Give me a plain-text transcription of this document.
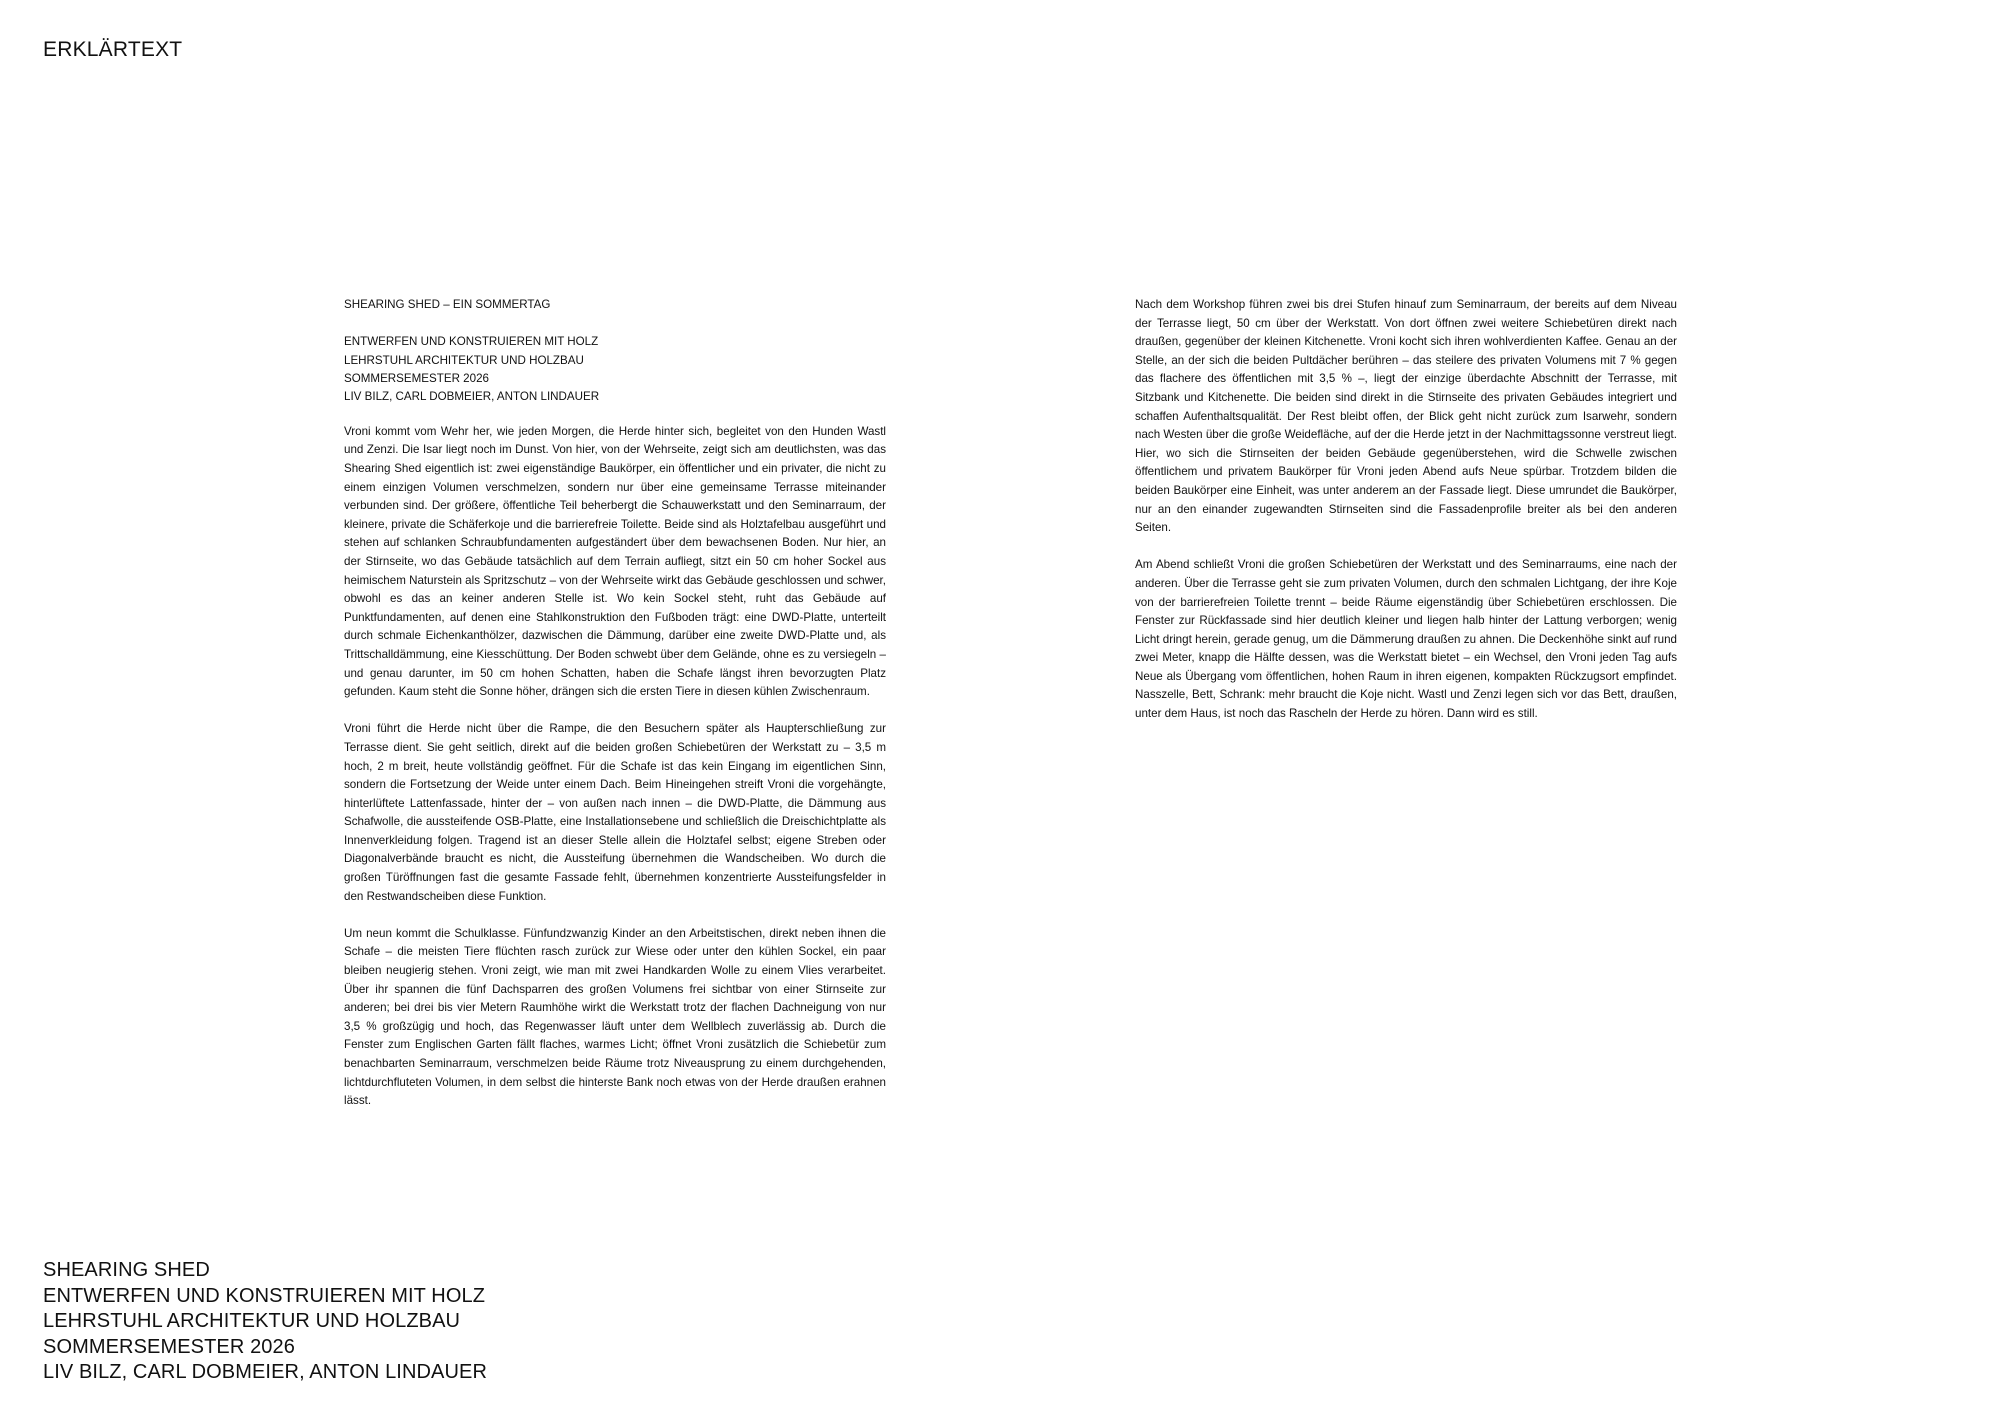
ERKLÄRTEXT
SHEARING SHED – EIN SOMMERTAG
ENTWERFEN UND KONSTRUIEREN MIT HOLZ
LEHRSTUHL ARCHITEKTUR UND HOLZBAU
SOMMERSEMESTER 2026
LIV BILZ, CARL DOBMEIER, ANTON LINDAUER

Vroni kommt vom Wehr her, wie jeden Morgen, die Herde hinter sich, begleitet von den Hunden Wastl und Zenzi. Die Isar liegt noch im Dunst. Von hier, von der Wehrseite, zeigt sich am deutlichsten, was das Shearing Shed eigentlich ist: zwei eigenständige Baukörper, ein öffentlicher und ein privater, die nicht zu einem einzigen Volumen verschmelzen, sondern nur über eine gemeinsame Terrasse miteinander verbunden sind. Der größere, öffentliche Teil beherbergt die Schauwerkstatt und den Seminarraum, der kleinere, private die Schäferkoje und die barrierefreie Toilette. Beide sind als Holztafelbau ausgeführt und stehen auf schlanken Schraubfundamenten aufgeständert über dem bewachsenen Boden. Nur hier, an der Stirnseite, wo das Gebäude tatsächlich auf dem Terrain aufliegt, sitzt ein 50 cm hoher Sockel aus heimischem Naturstein als Spritzschutz – von der Wehrseite wirkt das Gebäude geschlossen und schwer, obwohl es das an keiner anderen Stelle ist. Wo kein Sockel steht, ruht das Gebäude auf Punktfundamenten, auf denen eine Stahlkonstruktion den Fußboden trägt: eine DWD-Platte, unterteilt durch schmale Eichenkanthölzer, dazwischen die Dämmung, darüber eine zweite DWD-Platte und, als Trittschalldämmung, eine Kiesschüttung. Der Boden schwebt über dem Gelände, ohne es zu versiegeln – und genau darunter, im 50 cm hohen Schatten, haben die Schafe längst ihren bevorzugten Platz gefunden. Kaum steht die Sonne höher, drängen sich die ersten Tiere in diesen kühlen Zwischenraum.

Vroni führt die Herde nicht über die Rampe, die den Besuchern später als Haupterschließung zur Terrasse dient. Sie geht seitlich, direkt auf die beiden großen Schiebetüren der Werkstatt zu – 3,5 m hoch, 2 m breit, heute vollständig geöffnet. Für die Schafe ist das kein Eingang im eigentlichen Sinn, sondern die Fortsetzung der Weide unter einem Dach. Beim Hineingehen streift Vroni die vorgehängte, hinterlüftete Lattenfassade, hinter der – von außen nach innen – die DWD-Platte, die Dämmung aus Schafwolle, die aussteifende OSB-Platte, eine Installationsebene und schließlich die Dreischichtplatte als Innenverkleidung folgen. Tragend ist an dieser Stelle allein die Holztafel selbst; eigene Streben oder Diagonalverbände braucht es nicht, die Aussteifung übernehmen die Wandscheiben. Wo durch die großen Türöffnungen fast die gesamte Fassade fehlt, übernehmen konzentrierte Aussteifungsfelder in den Restwandscheiben diese Funktion.

Um neun kommt die Schulklasse. Fünfundzwanzig Kinder an den Arbeitstischen, direkt neben ihnen die Schafe – die meisten Tiere flüchten rasch zurück zur Wiese oder unter den kühlen Sockel, ein paar bleiben neugierig stehen. Vroni zeigt, wie man mit zwei Handkarden Wolle zu einem Vlies verarbeitet. Über ihr spannen die fünf Dachsparren des großen Volumens frei sichtbar von einer Stirnseite zur anderen; bei drei bis vier Metern Raumhöhe wirkt die Werkstatt trotz der flachen Dachneigung von nur 3,5 % großzügig und hoch, das Regenwasser läuft unter dem Wellblech zuverlässig ab. Durch die Fenster zum Englischen Garten fällt flaches, warmes Licht; öffnet Vroni zusätzlich die Schiebetür zum benachbarten Seminarraum, verschmelzen beide Räume trotz Niveausprung zu einem durchgehenden, lichtdurchfluteten Volumen, in dem selbst die hinterste Bank noch etwas von der Herde draußen erahnen lässt.

Nach dem Workshop führen zwei bis drei Stufen hinauf zum Seminarraum, der bereits auf dem Niveau der Terrasse liegt, 50 cm über der Werkstatt. Von dort öffnen zwei weitere Schiebetüren direkt nach draußen, gegenüber der kleinen Kitchenette. Vroni kocht sich ihren wohlverdienten Kaffee. Genau an der Stelle, an der sich die beiden Pultdächer berühren – das steilere des privaten Volumens mit 7 % gegen das flachere des öffentlichen mit 3,5 % –, liegt der einzige überdachte Abschnitt der Terrasse, mit Sitzbank und Kitchenette. Die beiden sind direkt in die Stirnseite des privaten Gebäudes integriert und schaffen Aufenthaltsqualität. Der Rest bleibt offen, der Blick geht nicht zurück zum Isarwehr, sondern nach Westen über die große Weidefläche, auf der die Herde jetzt in der Nachmittagssonne verstreut liegt. Hier, wo sich die Stirnseiten der beiden Gebäude gegenüberstehen, wird die Schwelle zwischen öffentlichem und privatem Baukörper für Vroni jeden Abend aufs Neue spürbar. Trotzdem bilden die beiden Baukörper eine Einheit, was unter anderem an der Fassade liegt. Diese umrundet die Baukörper, nur an den einander zugewandten Stirnseiten sind die Fassadenprofile breiter als bei den anderen Seiten.

Am Abend schließt Vroni die großen Schiebetüren der Werkstatt und des Seminarraums, eine nach der anderen. Über die Terrasse geht sie zum privaten Volumen, durch den schmalen Lichtgang, der ihre Koje von der barrierefreien Toilette trennt – beide Räume eigenständig über Schiebetüren erschlossen. Die Fenster zur Rückfassade sind hier deutlich kleiner und liegen halb hinter der Lattung verborgen; wenig Licht dringt herein, gerade genug, um die Dämmerung draußen zu ahnen. Die Deckenhöhe sinkt auf rund zwei Meter, knapp die Hälfte dessen, was die Werkstatt bietet – ein Wechsel, den Vroni jeden Tag aufs Neue als Übergang vom öffentlichen, hohen Raum in ihren eigenen, kompakten Rückzugsort empfindet. Nasszelle, Bett, Schrank: mehr braucht die Koje nicht. Wastl und Zenzi legen sich vor das Bett, draußen, unter dem Haus, ist noch das Rascheln der Herde zu hören. Dann wird es still.

SHEARING SHED
ENTWERFEN UND KONSTRUIEREN MIT HOLZ
LEHRSTUHL ARCHITEKTUR UND HOLZBAU
SOMMERSEMESTER 2026
LIV BILZ, CARL DOBMEIER, ANTON LINDAUER
